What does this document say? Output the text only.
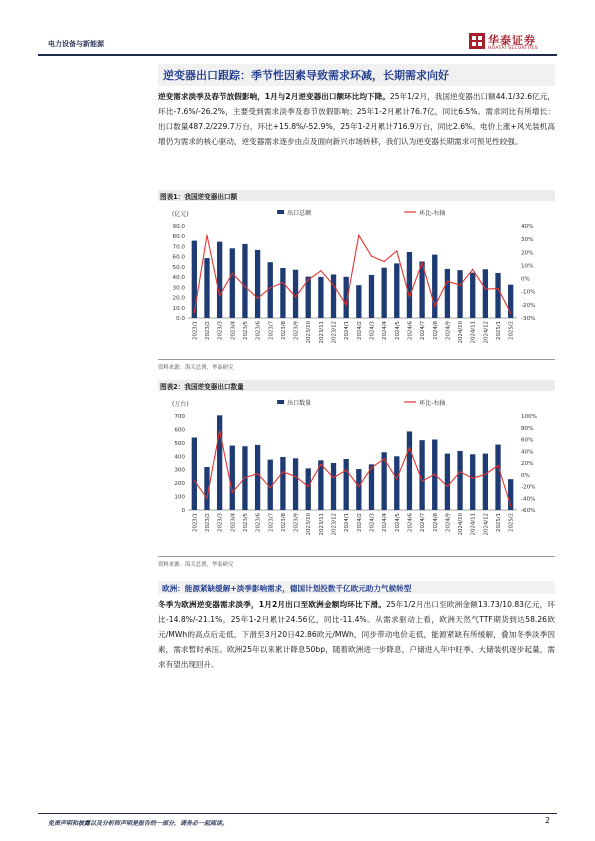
电力设备与新能源	华泰证券
HUATAI SECURITIES
逆变器出口跟踪：季节性因素导致需求环减，长期需求向好
逆变需求淡季及春节放假影响，1月与2月逆变器出口额环比均下降。25年1/2月，我国逆变器出口额44.1/32.6亿元，环比-7.6%/-26.2%，主要受到需求淡季及春节放假影响；25年1-2月累计76.7亿，同比6.5%。需求同比有所增长：出口数量487.2/229.7万台，环比+15.8%/-52.9%，25年1-2月累计716.9万台，同比2.6%。电价上涨+风光装机高增仍为需求的核心驱动，逆变器需求逐步由点及面向新兴市场转移，我们认为逆变器长期需求可预见性较强。
图表1：我国逆变器出口额
(亿元)	出口总额	环比-右轴
0.0
10.0
20.0
30.0
40.0
50.0
60.0
70.0
80.0
90.0
-30%
-20%
-10%
0%
10%
20%
30%
40%
2023/1 2023/2 2023/3 2023/4 2023/5 2023/6 2023/7 2023/8 2023/9 2023/10 2023/11 2023/12 2024/1 2024/2 2024/3 2024/4 2024/5 2024/6 2024/7 2024/8 2024/9 2024/10 2024/11 2024/12 2025/1 2025/2
资料来源：海关总署，华泰研究
图表2：我国逆变器出口数量
(万台)	出口数量	环比-右轴
0
100
200
300
400
500
600
700
-60%
-40%
-20%
0%
20%
40%
60%
80%
100%
2023/1 2023/2 2023/3 2023/4 2023/5 2023/6 2023/7 2023/8 2023/9 2023/10 2023/11 2023/12 2024/1 2024/2 2024/3 2024/4 2024/5 2024/6 2024/7 2024/8 2024/9 2024/10 2024/11 2024/12 2025/1 2025/2
资料来源：海关总署，华泰研究
欧洲：能源紧缺缓解+淡季影响需求，德国计划投数千亿欧元助力气候转型
冬季为欧洲逆变器需求淡季，1月2月出口至欧洲金额均环比下滑。25年1/2月出口至欧洲金额13.73/10.83亿元，环比-14.8%/-21.1%，25年1-2月累计24.56亿，同比-11.4%。从需求驱动上看，欧洲天然气TTF期货到达58.26欧元/MWh的高点后走低，下滑至3月20日42.86欧元/MWh，同步带动电价走低，能源紧缺有所缓解，叠加冬季淡季因素，需求暂时承压。欧洲25年以来累计降息50bp，随着欧洲进一步降息，户储进入年中旺季、大储装机逐步起量，需求有望出现回升。
免责声明和披露以及分析师声明是报告的一部分，请务必一起阅读。	2
